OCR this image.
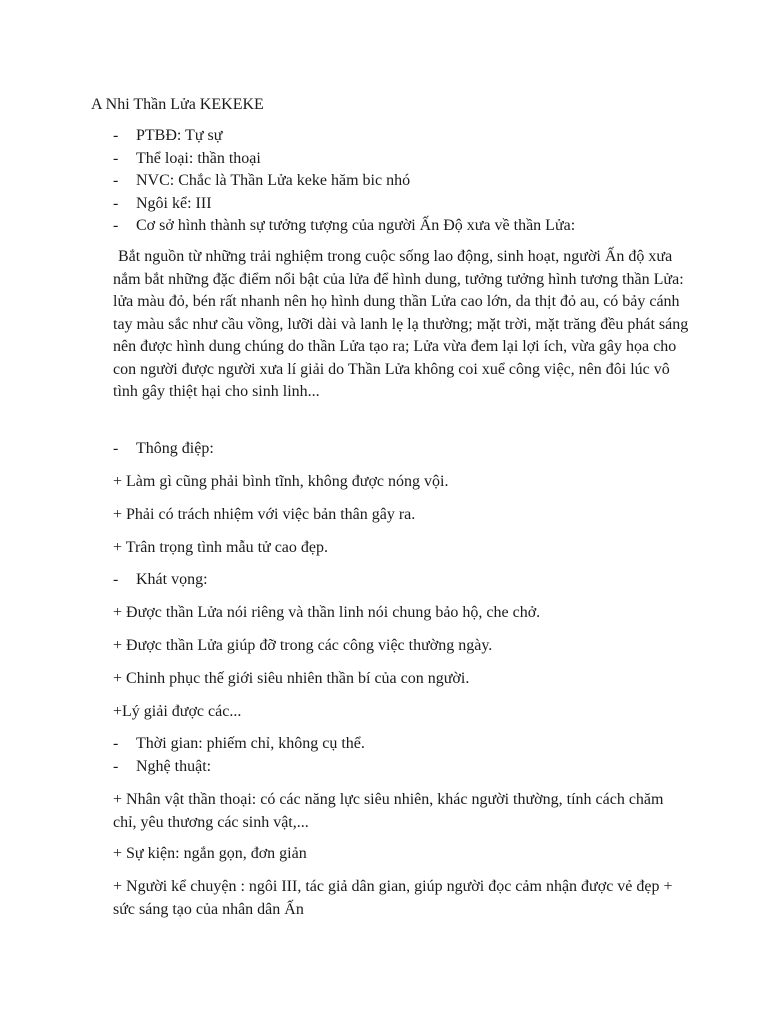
A Nhi Thần Lửa KEKEKE
- PTBĐ: Tự sự
- Thể loại: thần thoại
- NVC: Chắc là Thần Lửa keke hăm bic nhó
- Ngôi kể: III
- Cơ sở hình thành sự tưởng tượng của người Ấn Độ xưa về thần Lửa:

Bắt nguồn từ những trải nghiệm trong cuộc sống lao động, sinh hoạt, người Ấn độ xưa nắm bắt những đặc điểm nổi bật của lửa để hình dung, tưởng tưởng hình tương thần Lửa: lửa màu đỏ, bén rất nhanh nên họ hình dung thần Lửa cao lớn, da thịt đỏ au, có bảy cánh tay màu sắc như cầu vồng, lưỡi dài và lanh lẹ lạ thường; mặt trời, mặt trăng đều phát sáng nên được hình dung chúng do thần Lửa tạo ra; Lửa vừa đem lại lợi ích, vừa gây họa cho con người được người xưa lí giải do Thần Lửa không coi xuể công việc, nên đôi lúc vô tình gây thiệt hại cho sinh linh...

- Thông điệp:
+ Làm gì cũng phải bình tĩnh, không được nóng vội.
+ Phải có trách nhiệm với việc bản thân gây ra.
+ Trân trọng tình mẫu tử cao đẹp.
- Khát vọng:
+ Được thần Lửa nói riêng và thần linh nói chung bảo hộ, che chở.
+ Được thần Lửa giúp đỡ trong các công việc thường ngày.
+ Chinh phục thế giới siêu nhiên thần bí của con người.
+Lý giải được các...
- Thời gian: phiếm chỉ, không cụ thể.
- Nghệ thuật:

+ Nhân vật thần thoại: có các năng lực siêu nhiên, khác người thường, tính cách chăm chỉ, yêu thương các sinh vật,...

+ Sự kiện: ngắn gọn, đơn giản

+ Người kể chuyện : ngôi III, tác giả dân gian, giúp người đọc cảm nhận được vẻ đẹp + sức sáng tạo của nhân dân Ấn
